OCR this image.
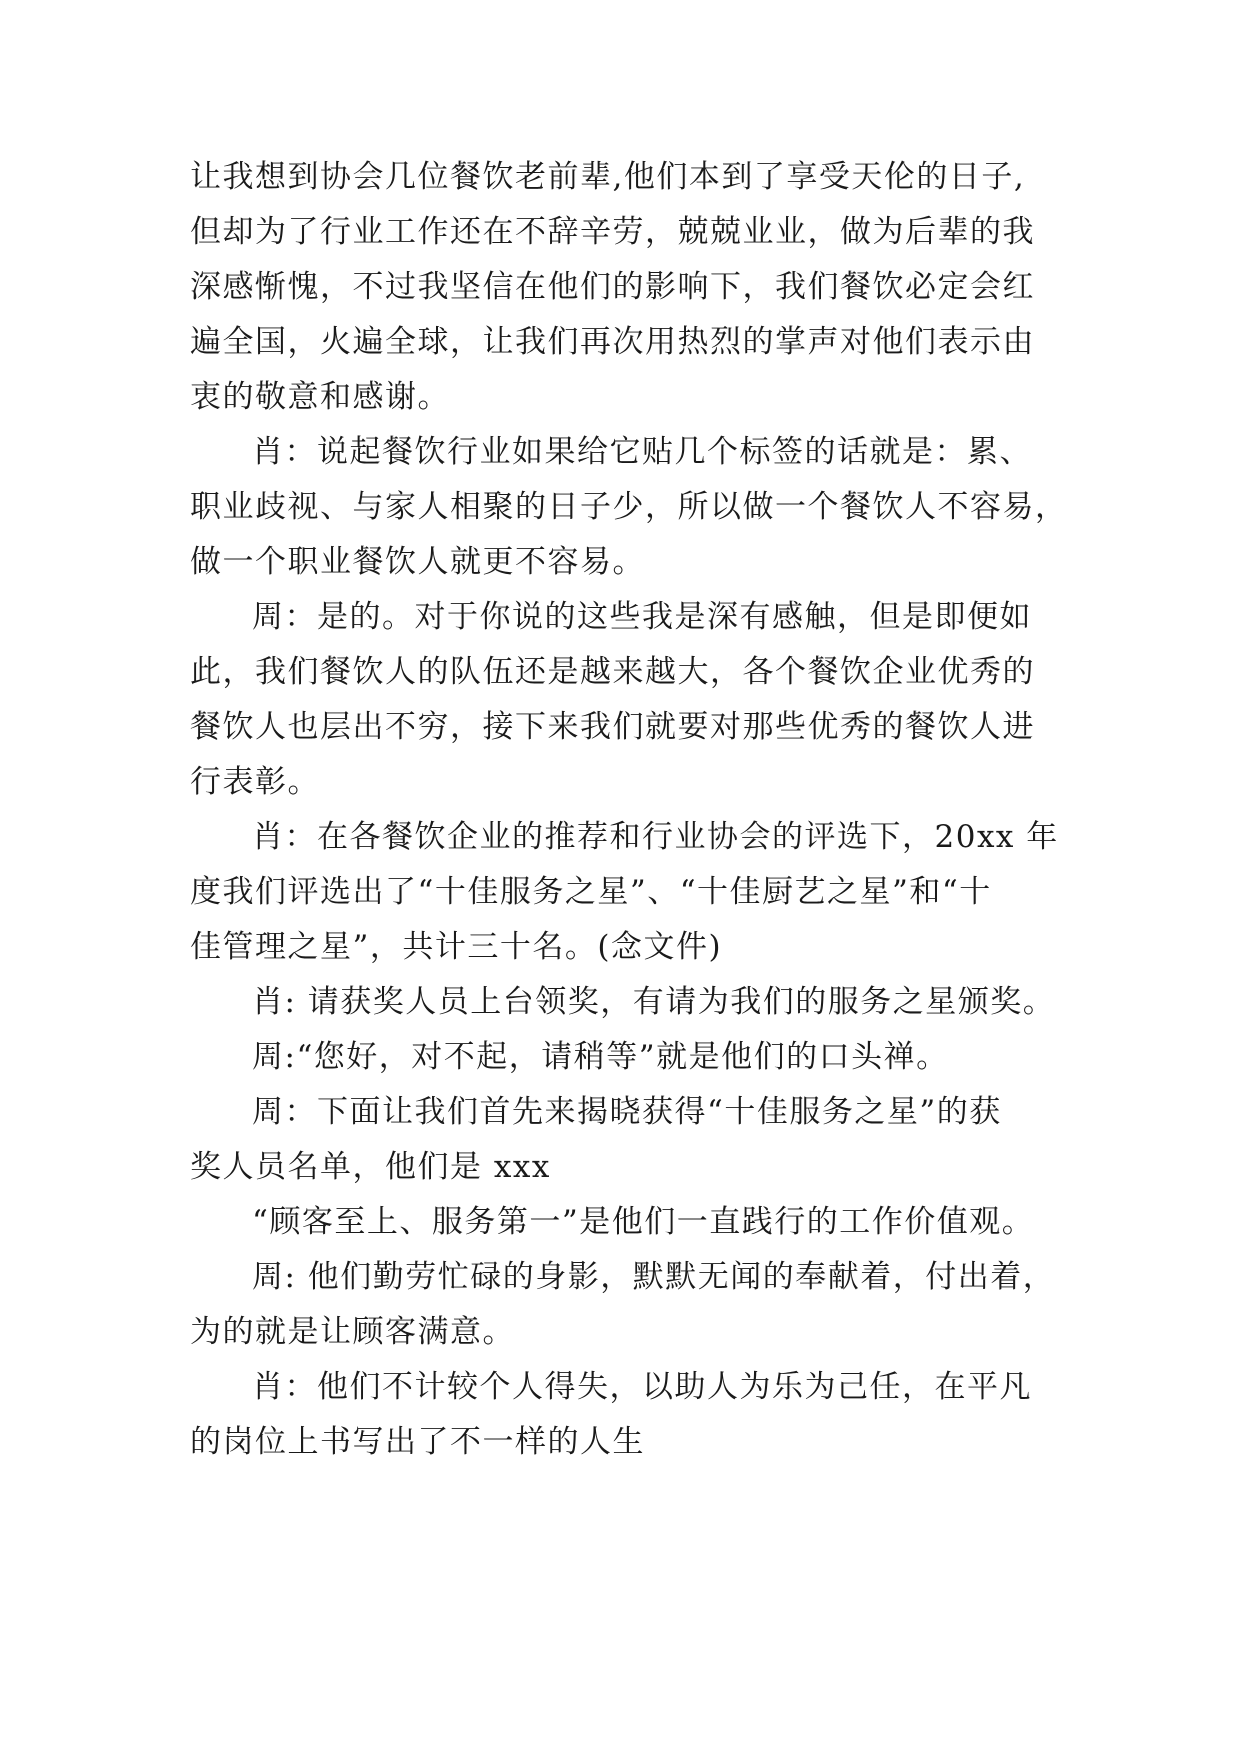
让我想到协会几位餐饮老前辈,他们本到了享受天伦的日子,
但却为了行业工作还在不辞辛劳，兢兢业业，做为后辈的我
深感惭愧，不过我坚信在他们的影响下，我们餐饮必定会红
遍全国，火遍全球，让我们再次用热烈的掌声对他们表示由
衷的敬意和感谢。
肖：说起餐饮行业如果给它贴几个标签的话就是：累、
职业歧视、与家人相聚的日子少，所以做一个餐饮人不容易，
做一个职业餐饮人就更不容易。
周：是的。对于你说的这些我是深有感触，但是即便如
此，我们餐饮人的队伍还是越来越大，各个餐饮企业优秀的
餐饮人也层出不穷，接下来我们就要对那些优秀的餐饮人进
行表彰。
肖：在各餐饮企业的推荐和行业协会的评选下，20xx 年
度我们评选出了“十佳服务之星”、“十佳厨艺之星”和“十
佳管理之星”，共计三十名。(念文件)
肖: 请获奖人员上台领奖，有请为我们的服务之星颁奖。
周:“您好，对不起，请稍等”就是他们的口头禅。
周：下面让我们首先来揭晓获得“十佳服务之星”的获
奖人员名单，他们是 xxx
“顾客至上、服务第一”是他们一直践行的工作价值观。
周: 他们勤劳忙碌的身影，默默无闻的奉献着，付出着，
为的就是让顾客满意。
肖：他们不计较个人得失，以助人为乐为己任，在平凡
的岗位上书写出了不一样的人生
